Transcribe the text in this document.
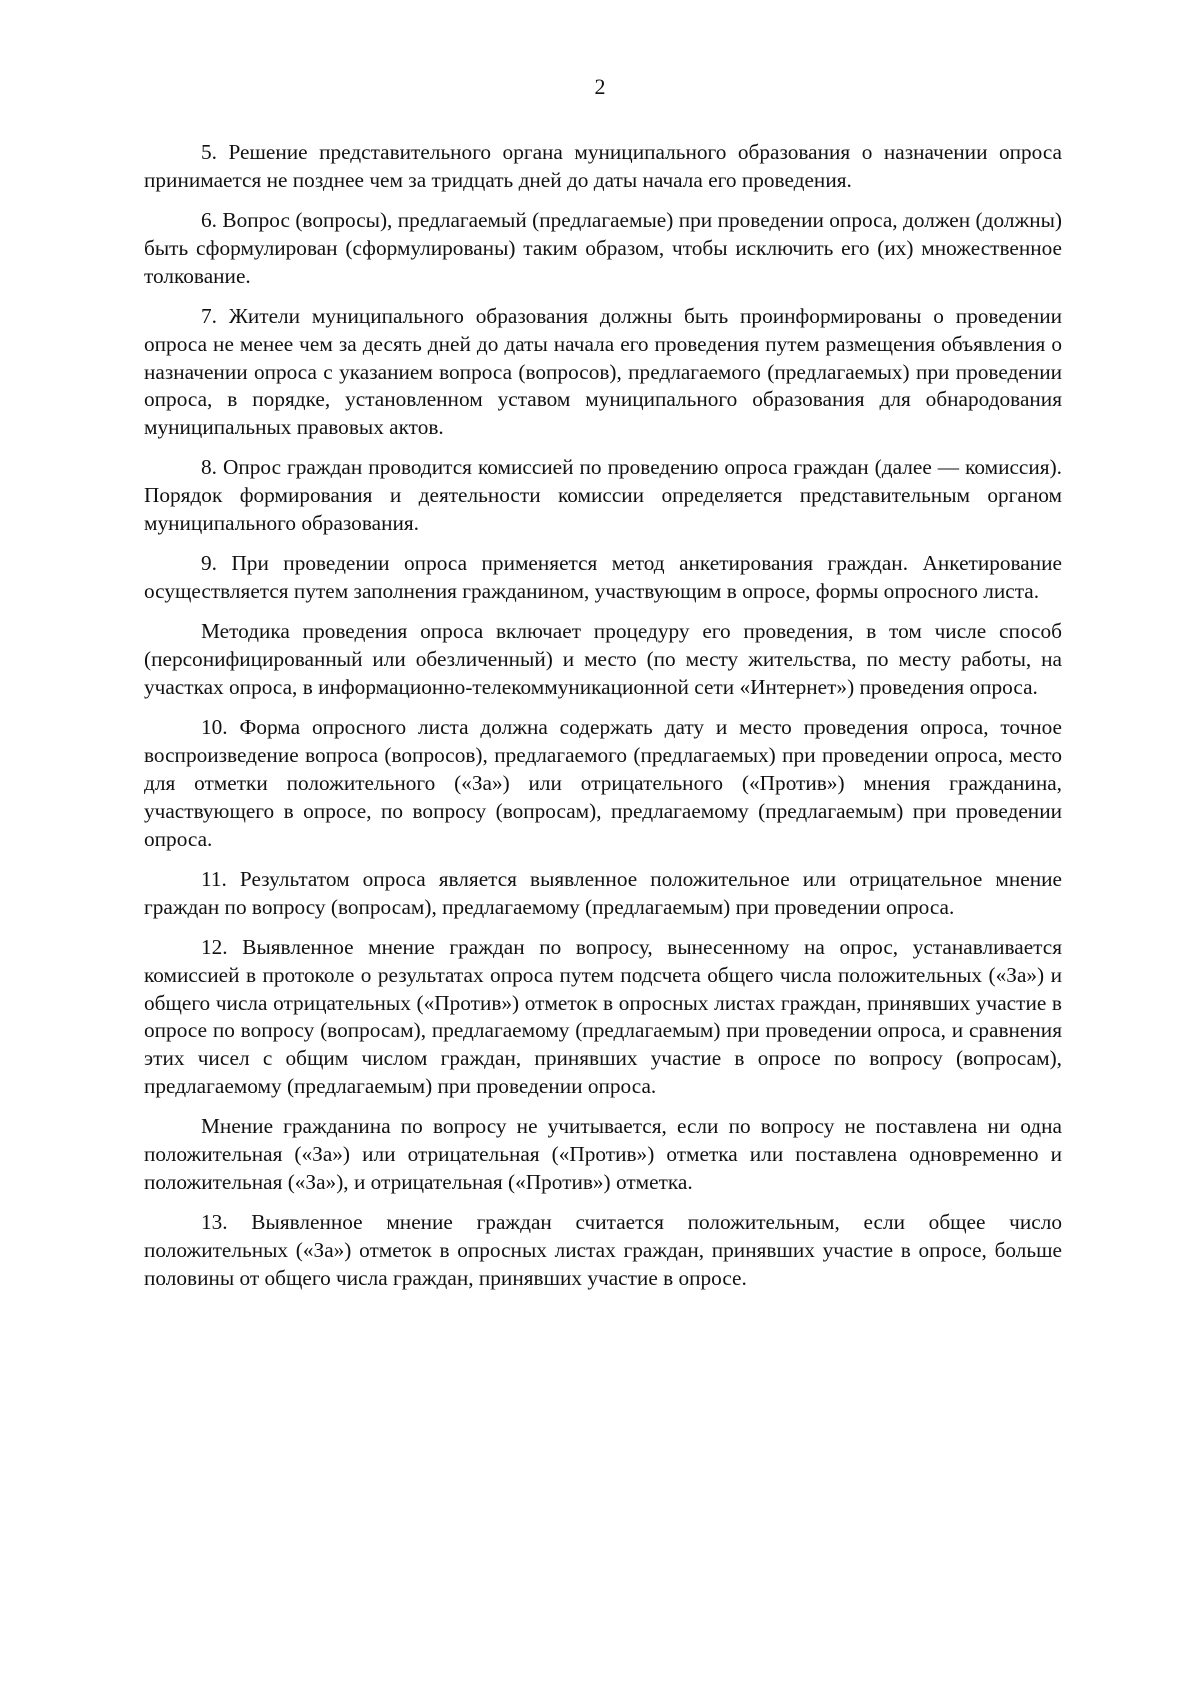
2

5. Решение представительного органа муниципального образования о назначении опроса принимается не позднее чем за тридцать дней до даты начала его проведения.

6. Вопрос (вопросы), предлагаемый (предлагаемые) при проведении опроса, должен (должны) быть сформулирован (сформулированы) таким образом, чтобы исключить его (их) множественное толкование.

7. Жители муниципального образования должны быть проинформированы о проведении опроса не менее чем за десять дней до даты начала его проведения путем размещения объявления о назначении опроса с указанием вопроса (вопросов), предлагаемого (предлагаемых) при проведении опроса, в порядке, установленном уставом муниципального образования для обнародования муниципальных правовых актов.

8. Опрос граждан проводится комиссией по проведению опроса граждан (далее — комиссия). Порядок формирования и деятельности комиссии определяется представительным органом муниципального образования.

9. При проведении опроса применяется метод анкетирования граждан. Анкетирование осуществляется путем заполнения гражданином, участвующим в опросе, формы опросного листа.

Методика проведения опроса включает процедуру его проведения, в том числе способ (персонифицированный или обезличенный) и место (по месту жительства, по месту работы, на участках опроса, в информационно-телекоммуникационной сети «Интернет») проведения опроса.

10. Форма опросного листа должна содержать дату и место проведения опроса, точное воспроизведение вопроса (вопросов), предлагаемого (предлагаемых) при проведении опроса, место для отметки положительного («За») или отрицательного («Против») мнения гражданина, участвующего в опросе, по вопросу (вопросам), предлагаемому (предлагаемым) при проведении опроса.

11. Результатом опроса является выявленное положительное или отрицательное мнение граждан по вопросу (вопросам), предлагаемому (предлагаемым) при проведении опроса.

12. Выявленное мнение граждан по вопросу, вынесенному на опрос, устанавливается комиссией в протоколе о результатах опроса путем подсчета общего числа положительных («За») и общего числа отрицательных («Против») отметок в опросных листах граждан, принявших участие в опросе по вопросу (вопросам), предлагаемому (предлагаемым) при проведении опроса, и сравнения этих чисел с общим числом граждан, принявших участие в опросе по вопросу (вопросам), предлагаемому (предлагаемым) при проведении опроса.

Мнение гражданина по вопросу не учитывается, если по вопросу не поставлена ни одна положительная («За») или отрицательная («Против») отметка или поставлена одновременно и положительная («За»), и отрицательная («Против») отметка.

13. Выявленное мнение граждан считается положительным, если общее число положительных («За») отметок в опросных листах граждан, принявших участие в опросе, больше половины от общего числа граждан, принявших участие в опросе.
